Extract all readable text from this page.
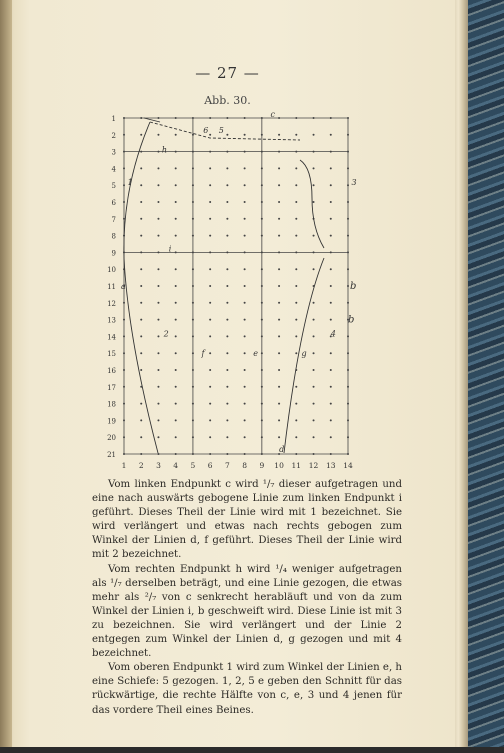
— 27 —
Abb. 30.
1
2
3
4
5
6
7
8
9
10
11
12
13
14
15
16
17
18
19
20
21
1 2 3 4 5 6 7 8 9 10 11 12 13 14
c
h
i
a	b
b
f	e	g
d
1
2
3
5
6
4

Vom linken Endpunkt c wird ¹/₇ dieser aufgetragen und eine nach auswärts gebogene Linie zum linken Endpunkt i geführt. Dieses Theil der Linie wird mit 1 bezeichnet. Sie wird verlängert und etwas nach rechts gebogen zum Winkel der Linien d, f geführt. Dieses Theil der Linie wird mit 2 bezeichnet.

Vom rechten Endpunkt h wird ¹/₄ weniger aufgetragen als ¹/₇ derselben beträgt, und eine Linie gezogen, die etwas mehr als ²/₇ von c senkrecht herabläuft und von da zum Winkel der Linien i, b geschweift wird. Diese Linie ist mit 3 zu bezeichnen. Sie wird verlängert und der Linie 2 entgegen zum Winkel der Linien d, g gezogen und mit 4 bezeichnet.

Vom oberen Endpunkt 1 wird zum Winkel der Linien e, h eine Schiefe: 5 gezogen. 1, 2, 5 e geben den Schnitt für das rückwärtige, die rechte Hälfte von c, e, 3 und 4 jenen für das vordere Theil eines Beines.
